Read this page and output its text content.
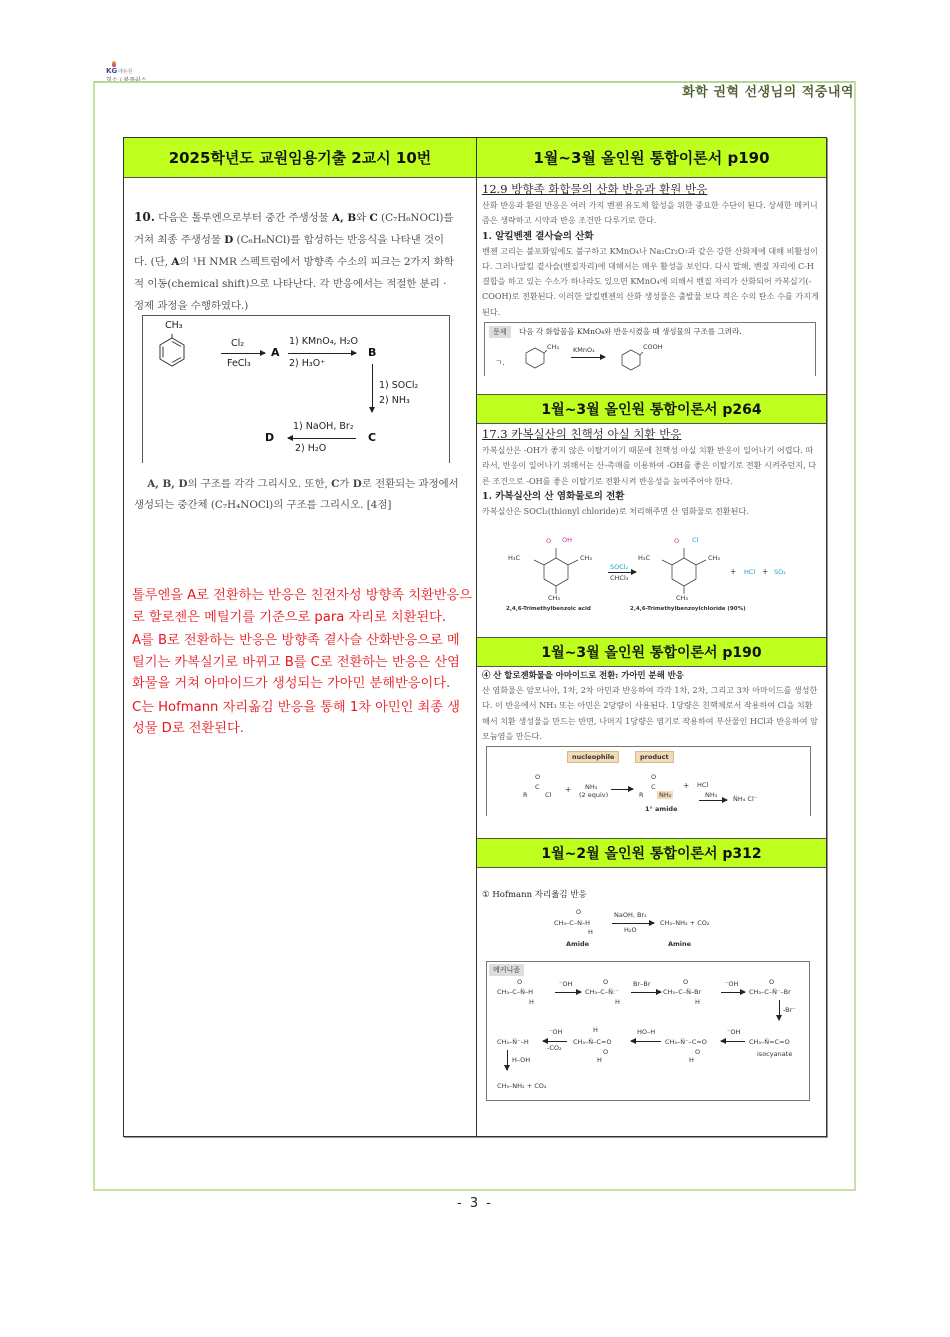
KG 에듀원
희소 / 북플러스
화학 권혁 선생님의 적중내역
2025학년도 교원임용기출 2교시 10번
10. 다음은 톨루엔으로부터 중간 주생성물 A, B와 C (C₇H₆NOCl)를 거쳐 최종 주생성물 D (C₆H₆NCl)를 합성하는 반응식을 나타낸 것이다. (단, A의 ¹H NMR 스펙트럼에서 방향족 수소의 피크는 2가지 화학적 이동(chemical shift)으로 나타난다. 각 반응에서는 적절한 분리 · 정제 과정을 수행하였다.)
CH₃
Cl₂
FeCl₃
A
1) KMnO₄, H₂O
2) H₃O⁺
B
1) SOCl₂
2) NH₃
C
1) NaOH, Br₂
2) H₂O
D
A, B, D의 구조를 각각 그리시오. 또한, C가 D로 전환되는 과정에서 생성되는 중간체 (C₇H₄NOCl)의 구조를 그리시오. [4점]

톨루엔을 A로 전환하는 반응은 친전자성 방향족 치환반응으로 할로젠은 메틸기를 기준으로 para 자리로 치환된다.

A를 B로 전환하는 반응은 방향족 곁사슬 산화반응으로 메틸기는 카복실기로 바뀌고 B를 C로 전환하는 반응은 산염화물을 거쳐 아마이드가 생성되는 가아민 분해반응이다.

C는 Hofmann 자리옮김 반응을 통해 1차 아민인 최종 생성물 D로 전환된다.

1월~3월 올인원 통합이론서 p190
12.9 방향족 화합물의 산화 반응과 환원 반응
산화 반응과 환원 반응은 여러 가지 벤젠 유도체 합성을 위한 중요한 수단이 된다. 상세한 메커니즘은 생략하고 시약과 반응 조건만 다루기로 한다.
1. 알킬벤젠 곁사슬의 산화
벤젠 고리는 불포화임에도 불구하고 KMnO₄나 Na₂Cr₂O₇과 같은 강한 산화제에 대해 비활성이다. 그러나알킬 곁사슬(벤질자리)에 대해서는 매우 활성을 보인다. 다시 말해, 벤질 자리에 C-H 결합을 하고 있는 수소가 하나라도 있으면 KMnO₄에 의해서 벤질 자리가 산화되어 카복실기(-COOH)로 전환된다. 이러한 알킬벤젠의 산화 생성물은 출발물 보다 적은 수의 탄소 수를 가지게 된다.
문제	다음 각 화합물을 KMnO₄와 반응시켰을 때 생성물의 구조를 그려라.
ㄱ.
CH₃ KMnO₄	COOH
1월~3월 올인원 통합이론서 p264
17.3 카복실산의 친핵성 아실 치환 반응
카복실산은 -OH가 좋지 않은 이탈기이기 때문에 친핵성 아실 치환 반응이 일어나기 어렵다. 따라서, 반응이 일어나기 위해서는 산-촉매를 이용하여 -OH를 좋은 이탈기로 전환 시켜주던지, 다른 조건으로 -OH를 좋은 이탈기로 전환시켜 반응성을 높여주어야 한다.
1. 카복실산의 산 염화물로의 전환
카복실산은 SOCl₂(thionyl chloride)로 처리해주면 산 염화물로 전환된다.
O OH
H₃C	CH₃
CH₃
SOCl₂
CHCl₃
O Cl
H₃C	CH₃
CH₃
+ HCl + SO₂
2,4,6-Trimethylbenzoic acid	2,4,6-Trimethylbenzoylchloride (90%)
1월~3월 올인원 통합이론서 p190
④ 산 할로젠화물을 아마이드로 전환: 가아민 분해 반응
산 염화물은 암모니아, 1차, 2차 아민과 반응하여 각각 1차, 2차, 그리고 3차 아마이드를 생성한다. 이 반응에서 NH₃ 또는 아민은 2당량이 사용된다. 1당량은 친핵체로서 작용하여 Cl을 치환해서 치환 생성물을 만드는 반면, 나머지 1당량은 염기로 작용하여 부산물인 HCl과 반응하여 암모늄염을 만든다.
nucleophile	product
O
R
C
Cl
+ NH₃
(2 equiv)
O
R
C
NH₂
1° amide
+ HCl
NH₃ → N̈H₄ Cl⁻
1월~2월 올인원 통합이론서 p312
① Hofmann 자리옮김 반응
O
CH₃–C–N–H
H
NaOH, Br₂
H₂O
CH₃–NH₂ + CO₂
Amide	Amine
메커니즘
O
CH₃–C–N̈–H
H
⁻OH	O
CH₃–C–N̈:⁻
H
Br–Br	O
CH₃–C–N̈–Br
H
⁻OH	O
CH₃–C–N̈⁻–Br
-Br⁻
CH₃–N̈⁻–H
⁻OH
-CO₂
H
CH₃–N̈–C=O
O
H
HO–H
CH₃–N̈⁻–C=O
O
H
⁻OH
CH₃–N̈=C=O
isocyanate
H–OH
CH₃–NH₂ + CO₂
- 3 -
